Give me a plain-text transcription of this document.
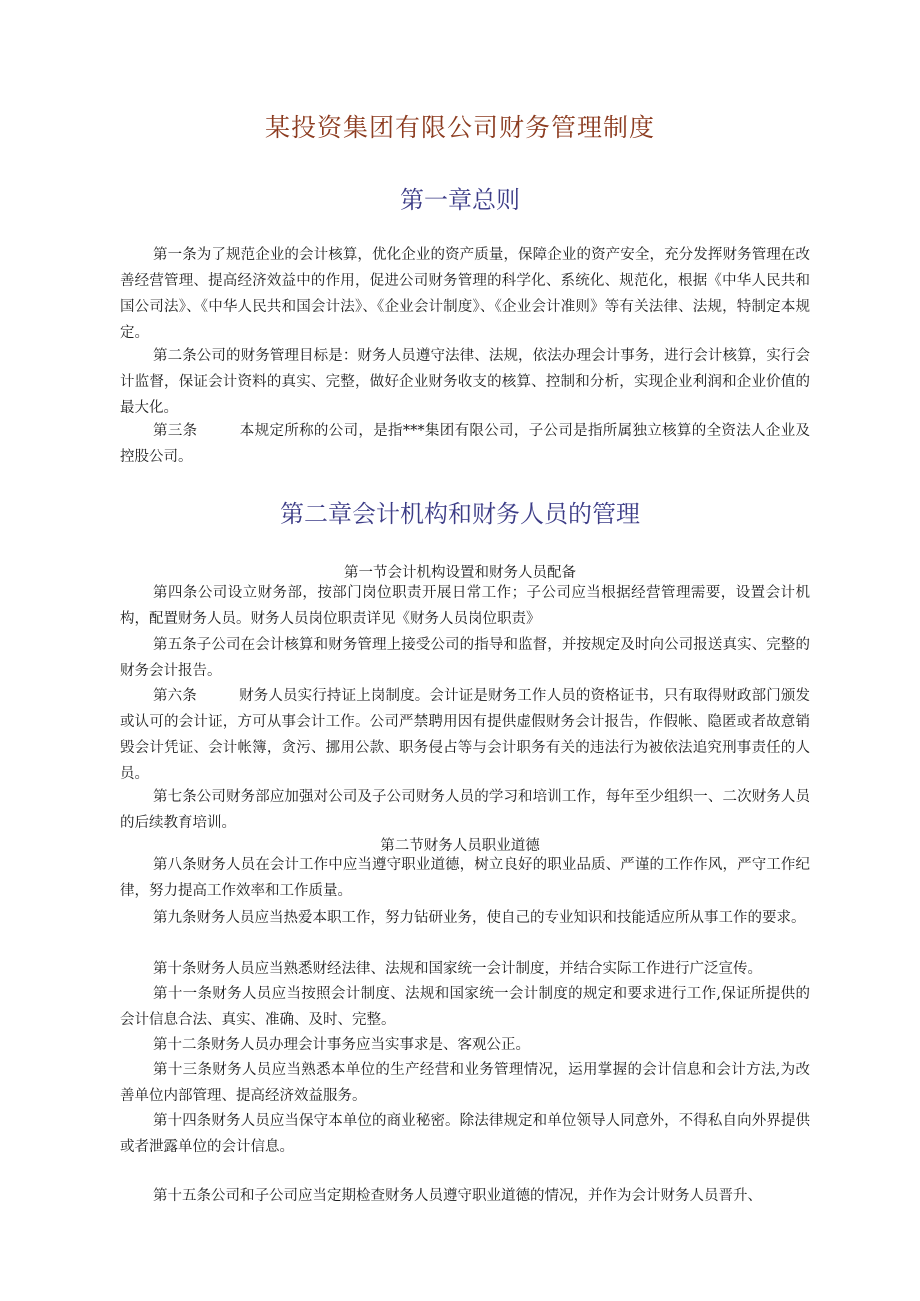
某投资集团有限公司财务管理制度
第一章总则

第一条为了规范企业的会计核算，优化企业的资产质量，保障企业的资产安全，充分发挥财务管理在改善经营管理、提高经济效益中的作用，促进公司财务管理的科学化、系统化、规范化，根据《中华人民共和国公司法》、《中华人民共和国会计法》、《企业会计制度》、《企业会计准则》等有关法律、法规，特制定本规定。

第二条公司的财务管理目标是：财务人员遵守法律、法规，依法办理会计事务，进行会计核算，实行会计监督，保证会计资料的真实、完整，做好企业财务收支的核算、控制和分析，实现企业利润和企业价值的最大化。

第三条	本规定所称的公司，是指***集团有限公司，子公司是指所属独立核算的全资法人企业及控股公司。

第二章会计机构和财务人员的管理
第一节会计机构设置和财务人员配备

第四条公司设立财务部，按部门岗位职责开展日常工作；子公司应当根据经营管理需要，设置会计机构，配置财务人员。财务人员岗位职责详见《财务人员岗位职责》

第五条子公司在会计核算和财务管理上接受公司的指导和监督，并按规定及时向公司报送真实、完整的财务会计报告。

第六条	财务人员实行持证上岗制度。会计证是财务工作人员的资格证书，只有取得财政部门颁发或认可的会计证，方可从事会计工作。公司严禁聘用因有提供虚假财务会计报告，作假帐、隐匿或者故意销毁会计凭证、会计帐簿，贪污、挪用公款、职务侵占等与会计职务有关的违法行为被依法追究刑事责任的人员。

第七条公司财务部应加强对公司及子公司财务人员的学习和培训工作，每年至少组织一、二次财务人员的后续教育培训。

第二节财务人员职业道德

第八条财务人员在会计工作中应当遵守职业道德，树立良好的职业品质、严谨的工作作风，严守工作纪律，努力提高工作效率和工作质量。

第九条财务人员应当热爱本职工作，努力钻研业务，使自己的专业知识和技能适应所从事工作的要求。

第十条财务人员应当熟悉财经法律、法规和国家统一会计制度，并结合实际工作进行广泛宣传。

第十一条财务人员应当按照会计制度、法规和国家统一会计制度的规定和要求进行工作,保证所提供的会计信息合法、真实、准确、及时、完整。

第十二条财务人员办理会计事务应当实事求是、客观公正。

第十三条财务人员应当熟悉本单位的生产经营和业务管理情况，运用掌握的会计信息和会计方法,为改善单位内部管理、提高经济效益服务。

第十四条财务人员应当保守本单位的商业秘密。除法律规定和单位领导人同意外，不得私自向外界提供或者泄露单位的会计信息。

第十五条公司和子公司应当定期检查财务人员遵守职业道德的情况，并作为会计财务人员晋升、
